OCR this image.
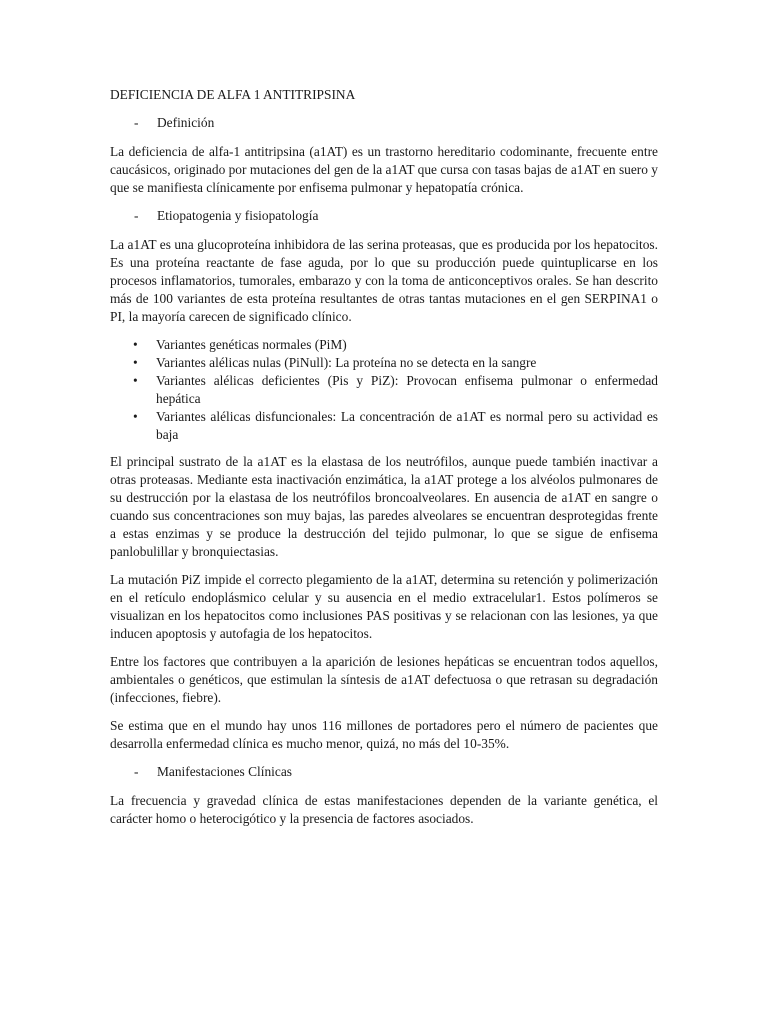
DEFICIENCIA DE ALFA 1 ANTITRIPSINA
-	Definición

La deficiencia de alfa-1 antitripsina (a1AT) es un trastorno hereditario codominante, frecuente entre caucásicos, originado por mutaciones del gen de la a1AT que cursa con tasas bajas de a1AT en suero y que se manifiesta clínicamente por enfisema pulmonar y hepatopatía crónica.

-	Etiopatogenia y fisiopatología

La a1AT es una glucoproteína inhibidora de las serina proteasas, que es producida por los hepatocitos. Es una proteína reactante de fase aguda, por lo que su producción puede quintuplicarse en los procesos inflamatorios, tumorales, embarazo y con la toma de anticonceptivos orales. Se han descrito más de 100 variantes de esta proteína resultantes de otras tantas mutaciones en el gen SERPINA1 o PI, la mayoría carecen de significado clínico.

•	Variantes genéticas normales (PiM)
•	Variantes alélicas nulas (PiNull): La proteína no se detecta en la sangre
•	Variantes alélicas deficientes (Pis y PiZ): Provocan enfisema pulmonar o enfermedad hepática
•	Variantes alélicas disfuncionales: La concentración de a1AT es normal pero su actividad es baja

El principal sustrato de la a1AT es la elastasa de los neutrófilos, aunque puede también inactivar a otras proteasas. Mediante esta inactivación enzimática, la a1AT protege a los alvéolos pulmonares de su destrucción por la elastasa de los neutrófilos broncoalveolares. En ausencia de a1AT en sangre o cuando sus concentraciones son muy bajas, las paredes alveolares se encuentran desprotegidas frente a estas enzimas y se produce la destrucción del tejido pulmonar, lo que se sigue de enfisema panlobulillar y bronquiectasias.

La mutación PiZ impide el correcto plegamiento de la a1AT, determina su retención y polimerización en el retículo endoplásmico celular y su ausencia en el medio extracelular1. Estos polímeros se visualizan en los hepatocitos como inclusiones PAS positivas y se relacionan con las lesiones, ya que inducen apoptosis y autofagia de los hepatocitos.

Entre los factores que contribuyen a la aparición de lesiones hepáticas se encuentran todos aquellos, ambientales o genéticos, que estimulan la síntesis de a1AT defectuosa o que retrasan su degradación (infecciones, fiebre).

Se estima que en el mundo hay unos 116 millones de portadores pero el número de pacientes que desarrolla enfermedad clínica es mucho menor, quizá, no más del 10-35%.

-	Manifestaciones Clínicas

La frecuencia y gravedad clínica de estas manifestaciones dependen de la variante genética, el carácter homo o heterocigótico y la presencia de factores asociados.
